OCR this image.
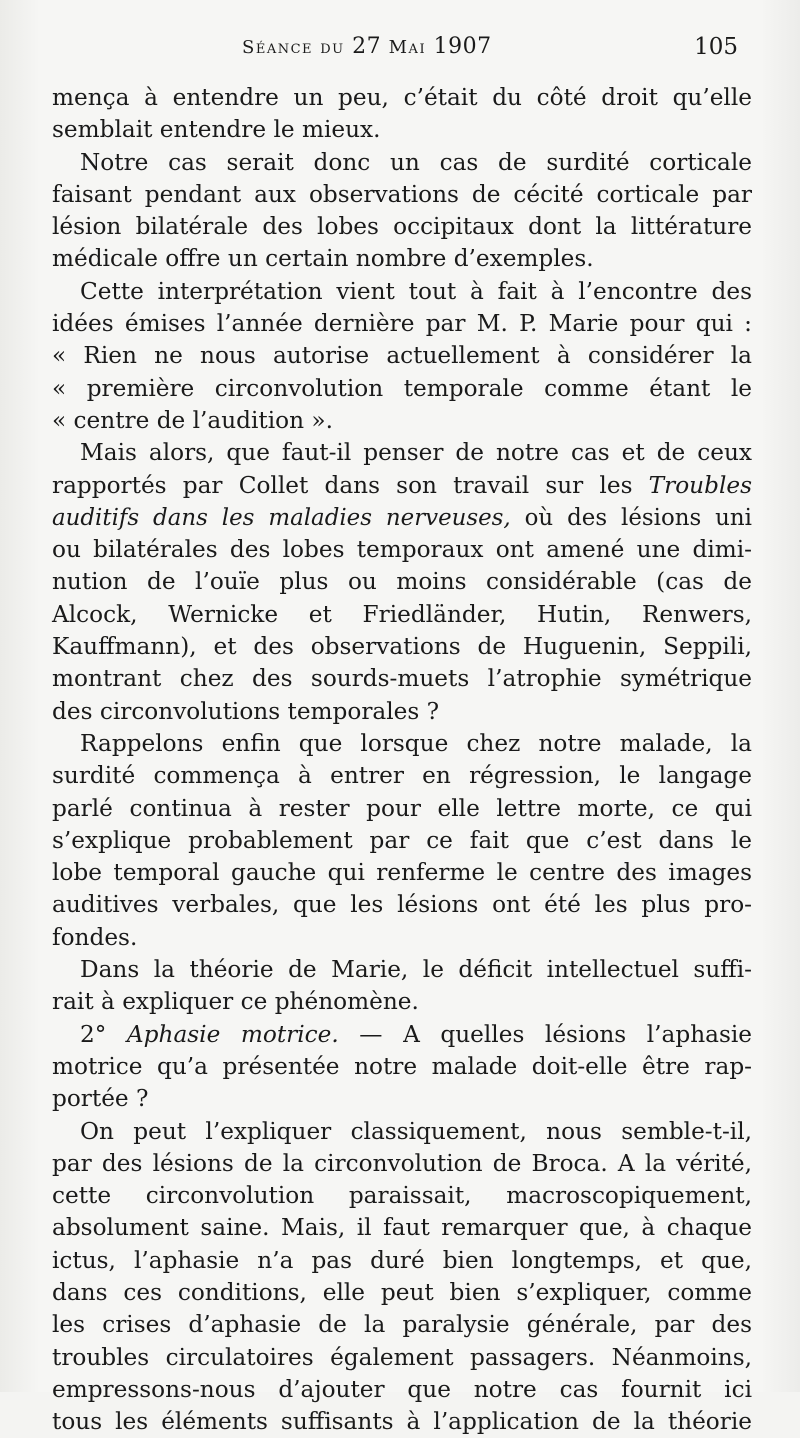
Séance du 27 Mai 1907	105
mença à entendre un peu, c’était du côté droit qu’elle
semblait entendre le mieux.
Notre cas serait donc un cas de surdité corticale
faisant pendant aux observations de cécité corticale par
lésion bilatérale des lobes occipitaux dont la littérature
médicale offre un certain nombre d’exemples.
Cette interprétation vient tout à fait à l’encontre des
idées émises l’année dernière par M. P. Marie pour qui :
« Rien ne nous autorise actuellement à considérer la
« première circonvolution temporale comme étant le
« centre de l’audition ».
Mais alors, que faut-il penser de notre cas et de ceux
rapportés par Collet dans son travail sur les Troubles
auditifs dans les maladies nerveuses, où des lésions uni
ou bilatérales des lobes temporaux ont amené une dimi-
nution de l’ouïe plus ou moins considérable (cas de
Alcock, Wernicke et Friedländer, Hutin, Renwers,
Kauffmann), et des observations de Huguenin, Seppili,
montrant chez des sourds-muets l’atrophie symétrique
des circonvolutions temporales ?
Rappelons enfin que lorsque chez notre malade, la
surdité commença à entrer en régression, le langage
parlé continua à rester pour elle lettre morte, ce qui
s’explique probablement par ce fait que c’est dans le
lobe temporal gauche qui renferme le centre des images
auditives verbales, que les lésions ont été les plus pro-
fondes.
Dans la théorie de Marie, le déficit intellectuel suffi-
rait à expliquer ce phénomène.
2° Aphasie motrice. — A quelles lésions l’aphasie
motrice qu’a présentée notre malade doit-elle être rap-
portée ?
On peut l’expliquer classiquement, nous semble-t-il,
par des lésions de la circonvolution de Broca. A la vérité,
cette circonvolution paraissait, macroscopiquement,
absolument saine. Mais, il faut remarquer que, à chaque
ictus, l’aphasie n’a pas duré bien longtemps, et que,
dans ces conditions, elle peut bien s’expliquer, comme
les crises d’aphasie de la paralysie générale, par des
troubles circulatoires également passagers. Néanmoins,
empressons-nous d’ajouter que notre cas fournit ici
tous les éléments suffisants à l’application de la théorie
